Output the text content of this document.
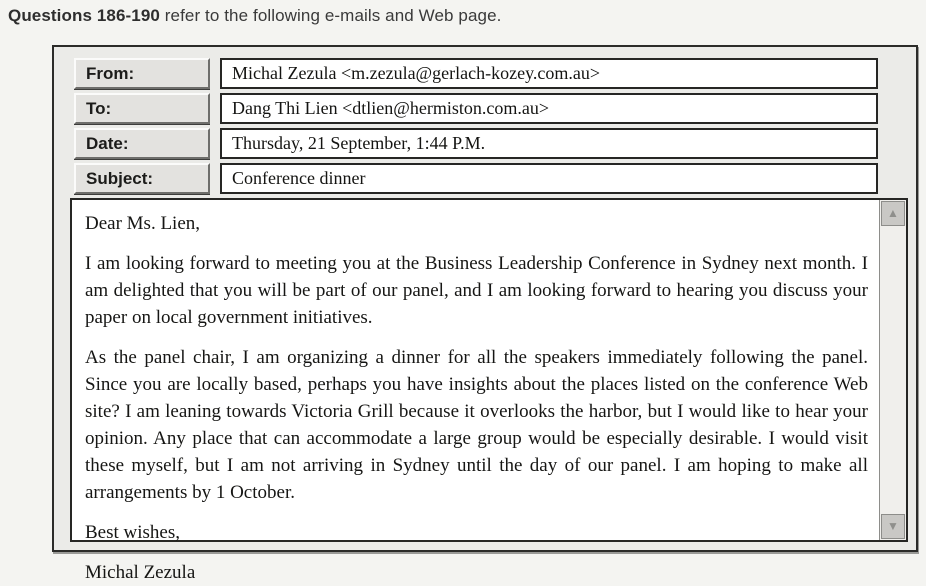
Questions 186-190 refer to the following e-mails and Web page.
From:	Michal Zezula <m.zezula@gerlach-kozey.com.au>
To:	Dang Thi Lien <dtlien@hermiston.com.au>
Date:	Thursday, 21 September, 1:44 P.M.
Subject:	Conference dinner

Dear Ms. Lien,

I am looking forward to meeting you at the Business Leadership Conference in Sydney next month. I am delighted that you will be part of our panel, and I am looking forward to hearing you discuss your paper on local government initiatives.

As the panel chair, I am organizing a dinner for all the speakers immediately following the panel. Since you are locally based, perhaps you have insights about the places listed on the conference Web site? I am leaning towards Victoria Grill because it overlooks the harbor, but I would like to hear your opinion. Any place that can accommodate a large group would be especially desirable. I would visit these myself, but I am not arriving in Sydney until the day of our panel. I am hoping to make all arrangements by 1 October.

Best wishes,

Michal Zezula

▲
▼
